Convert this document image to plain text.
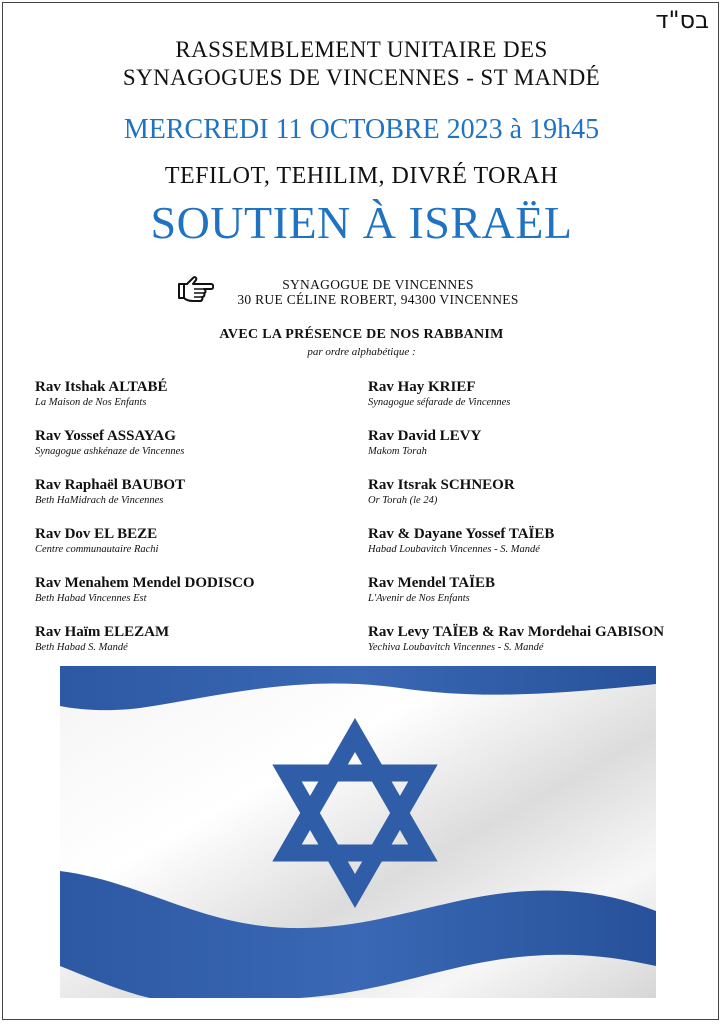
בס"ד
RASSEMBLEMENT UNITAIRE DES
SYNAGOGUES DE VINCENNES - ST MANDÉ
MERCREDI 11 OCTOBRE 2023 à 19h45
TEFILOT, TEHILIM, DIVRÉ TORAH
SOUTIEN À ISRAËL
SYNAGOGUE DE VINCENNES
30 RUE CÉLINE ROBERT, 94300 VINCENNES
AVEC LA PRÉSENCE DE NOS RABBANIM
par ordre alphabétique :
Rav Itshak ALTABÉ
La Maison de Nos Enfants
Rav Yossef ASSAYAG
Synagogue ashkénaze de Vincennes
Rav Raphaël BAUBOT
Beth HaMidrach de Vincennes
Rav Dov EL BEZE
Centre communautaire Rachi
Rav Menahem Mendel DODISCO
Beth Habad Vincennes Est
Rav Haïm ELEZAM
Beth Habad S. Mandé
Rav Hay KRIEF
Synagogue séfarade de Vincennes
Rav David LEVY
Makom Torah
Rav Itsrak SCHNEOR
Or Torah (le 24)
Rav & Dayane Yossef TAÏEB
Habad Loubavitch Vincennes - S. Mandé
Rav Mendel TAÏEB
L'Avenir de Nos Enfants
Rav Levy TAÏEB & Rav Mordehai GABISON
Yechiva Loubavitch Vincennes - S. Mandé
